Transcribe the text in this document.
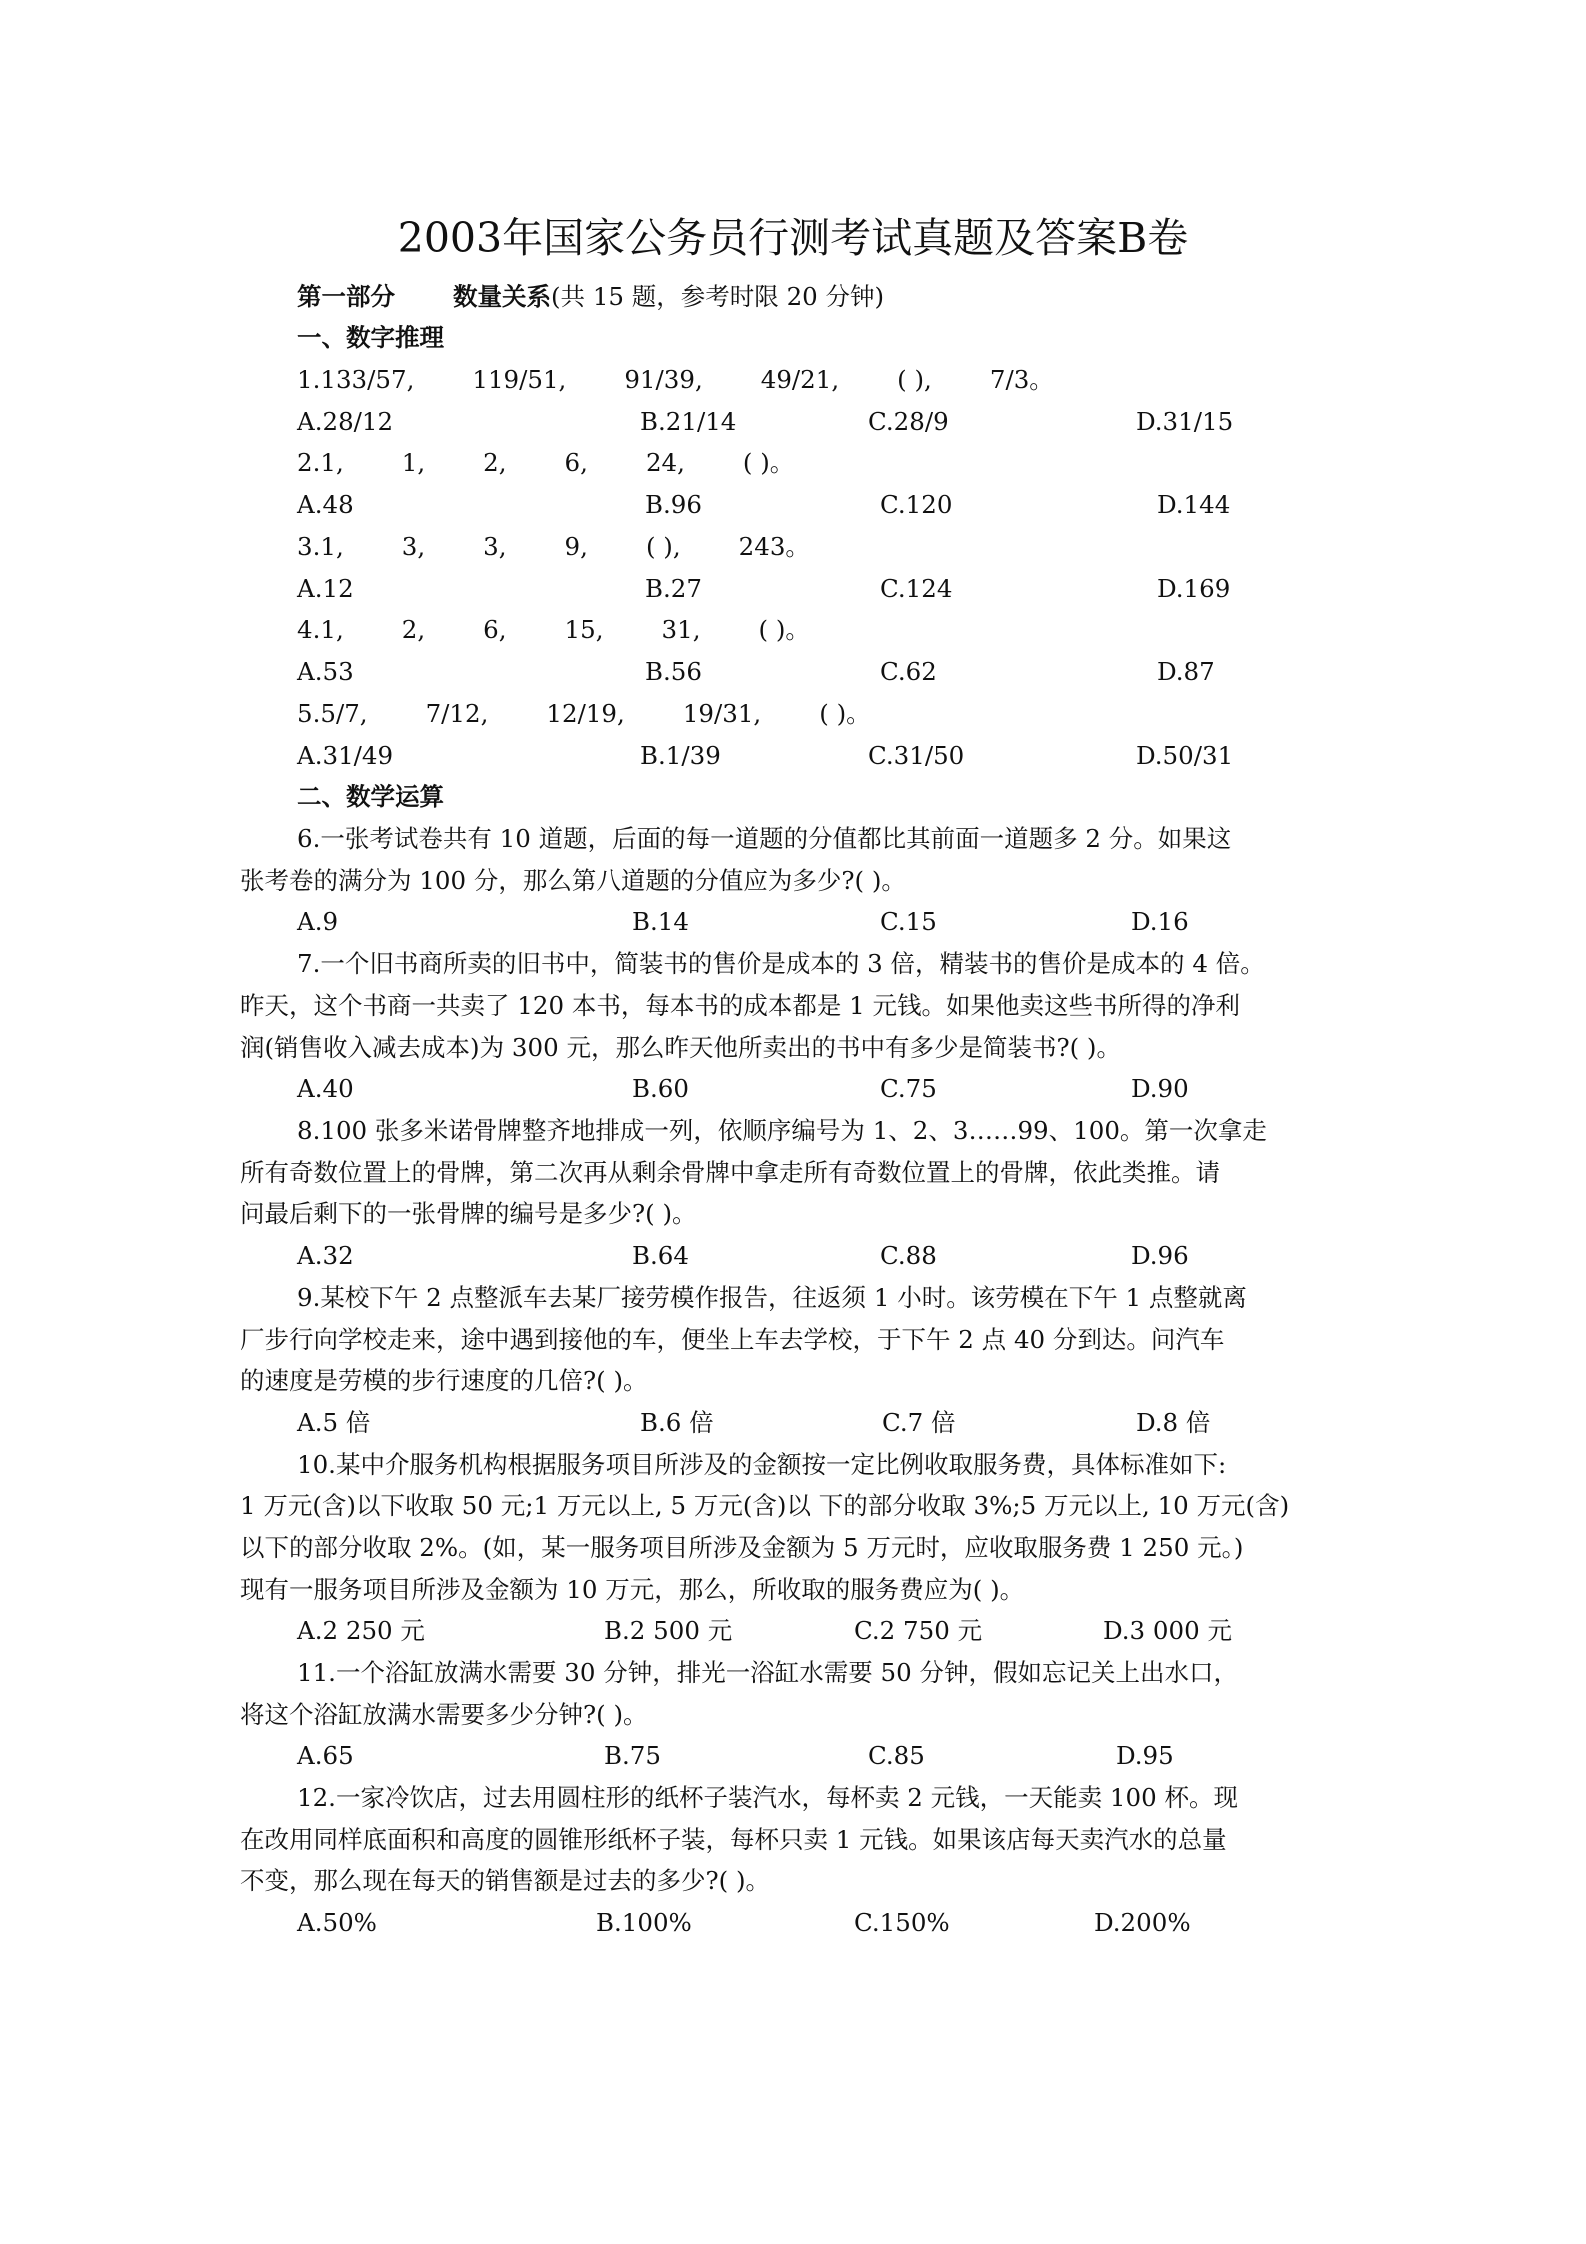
2003年国家公务员行测考试真题及答案B卷
第一部分 数量关系(共 15 题，参考时限 20 分钟)
一、数字推理
1.133/57, 119/51, 91/39, 49/21, ( ), 7/3。
A.28/12	B.21/14	C.28/9	D.31/15
2.1, 1, 2, 6, 24, ( )。
A.48	B.96	C.120	D.144
3.1, 3, 3, 9, ( ), 243。
A.12	B.27	C.124	D.169
4.1, 2, 6, 15, 31, ( )。
A.53	B.56	C.62	D.87
5.5/7, 7/12, 12/19, 19/31, ( )。
A.31/49	B.1/39	C.31/50	D.50/31
二、数学运算
6.一张考试卷共有 10 道题，后面的每一道题的分值都比其前面一道题多 2 分。如果这
张考卷的满分为 100 分，那么第八道题的分值应为多少?( )。
A.9	B.14	C.15	D.16
7.一个旧书商所卖的旧书中，简装书的售价是成本的 3 倍，精装书的售价是成本的 4 倍。
昨天，这个书商一共卖了 120 本书，每本书的成本都是 1 元钱。如果他卖这些书所得的净利
润(销售收入减去成本)为 300 元，那么昨天他所卖出的书中有多少是简装书?( )。
A.40	B.60	C.75	D.90
8.100 张多米诺骨牌整齐地排成一列，依顺序编号为 1、2、3……99、100。第一次拿走
所有奇数位置上的骨牌，第二次再从剩余骨牌中拿走所有奇数位置上的骨牌，依此类推。请
问最后剩下的一张骨牌的编号是多少?( )。
A.32	B.64	C.88	D.96
9.某校下午 2 点整派车去某厂接劳模作报告，往返须 1 小时。该劳模在下午 1 点整就离
厂步行向学校走来，途中遇到接他的车，便坐上车去学校，于下午 2 点 40 分到达。问汽车
的速度是劳模的步行速度的几倍?( )。
A.5 倍	B.6 倍	C.7 倍	D.8 倍
10.某中介服务机构根据服务项目所涉及的金额按一定比例收取服务费，具体标准如下:
1 万元(含)以下收取 50 元;1 万元以上, 5 万元(含)以 下的部分收取 3%;5 万元以上, 10 万元(含)
以下的部分收取 2%。(如，某一服务项目所涉及金额为 5 万元时，应收取服务费 1 250 元。)
现有一服务项目所涉及金额为 10 万元，那么，所收取的服务费应为( )。
A.2 250 元	B.2 500 元	C.2 750 元	D.3 000 元
11.一个浴缸放满水需要 30 分钟，排光一浴缸水需要 50 分钟，假如忘记关上出水口，
将这个浴缸放满水需要多少分钟?( )。
A.65	B.75	C.85	D.95
12.一家冷饮店，过去用圆柱形的纸杯子装汽水，每杯卖 2 元钱，一天能卖 100 杯。现
在改用同样底面积和高度的圆锥形纸杯子装，每杯只卖 1 元钱。如果该店每天卖汽水的总量
不变，那么现在每天的销售额是过去的多少?( )。
A.50%	B.100%	C.150%	D.200%
